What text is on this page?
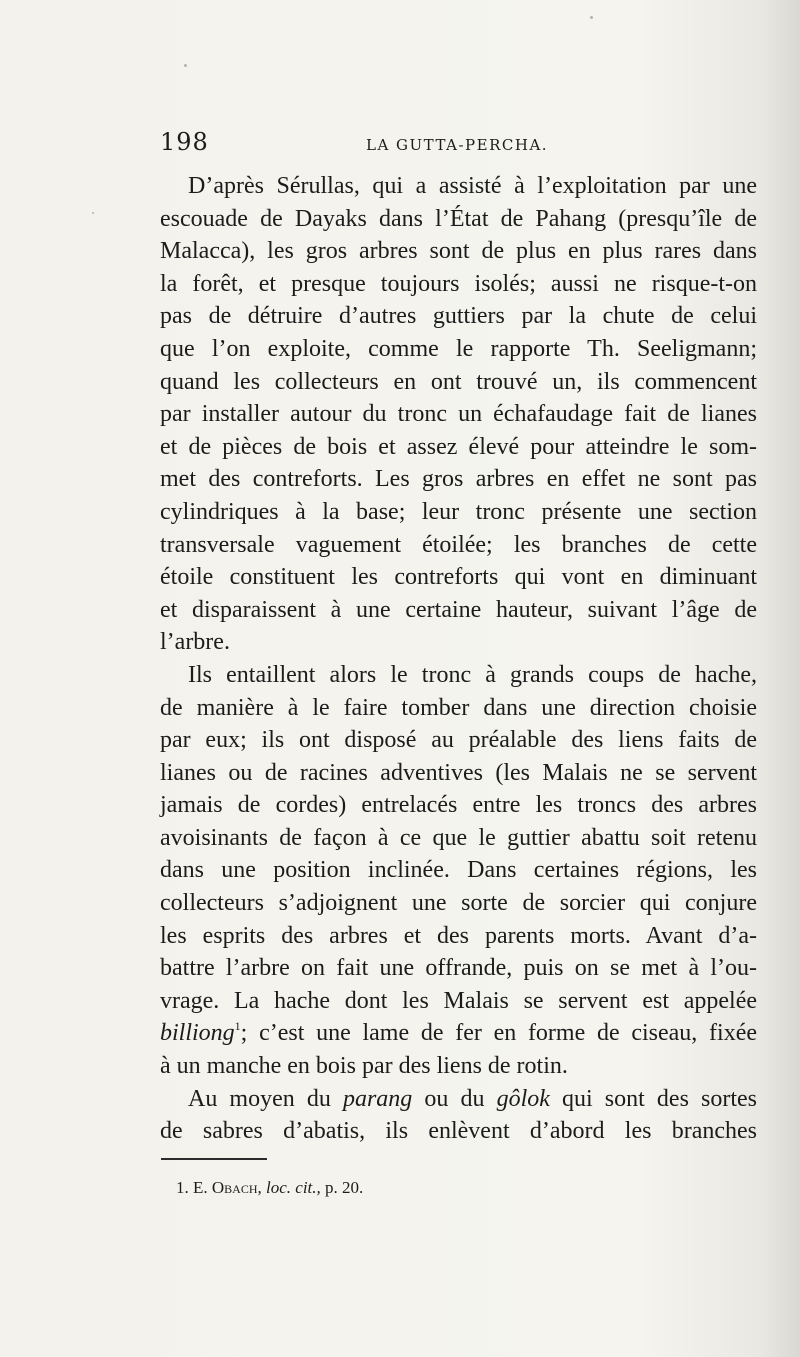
198	LA GUTTA-PERCHA.
D’après Sérullas, qui a assisté à l’exploitation par une
escouade de Dayaks dans l’État de Pahang (presqu’île de
Malacca), les gros arbres sont de plus en plus rares dans
la forêt, et presque toujours isolés; aussi ne risque-t-on
pas de détruire d’autres guttiers par la chute de celui
que l’on exploite, comme le rapporte Th. Seeligmann;
quand les collecteurs en ont trouvé un, ils commencent
par installer autour du tronc un échafaudage fait de lianes
et de pièces de bois et assez élevé pour atteindre le som-
met des contreforts. Les gros arbres en effet ne sont pas
cylindriques à la base; leur tronc présente une section
transversale vaguement étoilée; les branches de cette
étoile constituent les contreforts qui vont en diminuant
et disparaissent à une certaine hauteur, suivant l’âge de
l’arbre.
Ils entaillent alors le tronc à grands coups de hache,
de manière à le faire tomber dans une direction choisie
par eux; ils ont disposé au préalable des liens faits de
lianes ou de racines adventives (les Malais ne se servent
jamais de cordes) entrelacés entre les troncs des arbres
avoisinants de façon à ce que le guttier abattu soit retenu
dans une position inclinée. Dans certaines régions, les
collecteurs s’adjoignent une sorte de sorcier qui conjure
les esprits des arbres et des parents morts. Avant d’a-
battre l’arbre on fait une offrande, puis on se met à l’ou-
vrage. La hache dont les Malais se servent est appelée
billiong$^1$; c’est une lame de fer en forme de ciseau, fixée
à un manche en bois par des liens de rotin.
Au moyen du parang ou du gôlok qui sont des sortes
de sabres d’abatis, ils enlèvent d’abord les branches
1. E. Obach, loc. cit., p. 20.
